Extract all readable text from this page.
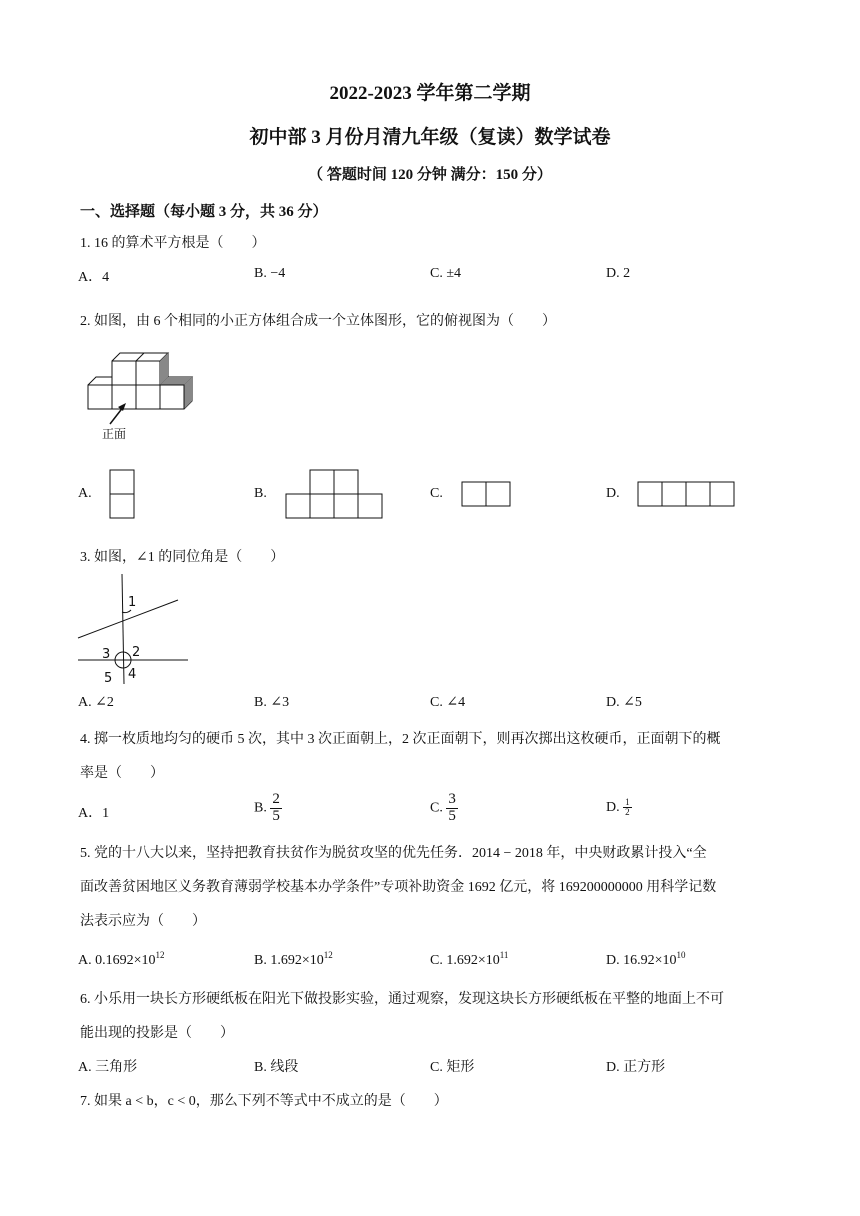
2022-2023 学年第二学期
初中部 3 月份月清九年级（复读）数学试卷
（ 答题时间 120 分钟 满分：150 分）
一、选择题（每小题 3 分，共 36 分）
1. 16 的算术平方根是（　　）
A．4	B. −4	C. ±4	D. 2
2. 如图，由 6 个相同的小正方体组合成一个立体图形，它的俯视图为（　　）
正面
A.	B.	C.	D.
3. 如图，∠1 的同位角是（　　）
1
2
3
4
5
A. ∠2	B. ∠3	C. ∠4	D. ∠5
4. 掷一枚质地均匀的硬币 5 次，其中 3 次正面朝上，2 次正面朝下，则再次掷出这枚硬币，正面朝下的概
率是（　　）
A．1	B. $\frac{2}{5}$	C. $\frac{3}{5}$	D. $\frac{1}{2}$
5. 党的十八大以来，坚持把教育扶贫作为脱贫攻坚的优先任务．2014 − 2018 年，中央财政累计投入“全
面改善贫困地区义务教育薄弱学校基本办学条件”专项补助资金 1692 亿元，将 169200000000 用科学记数
法表示应为（　　）
A. $0.1692\times 10^{12}$	B. $1.692\times 10^{12}$	C. $1.692\times 10^{11}$	D. $16.92\times 10^{10}$
6. 小乐用一块长方形硬纸板在阳光下做投影实验，通过观察，发现这块长方形硬纸板在平整的地面上不可
能出现的投影是（　　）
A. 三角形	B. 线段	C. 矩形	D. 正方形
7. 如果 a < b，c < 0，那么下列不等式中不成立的是（　　）
